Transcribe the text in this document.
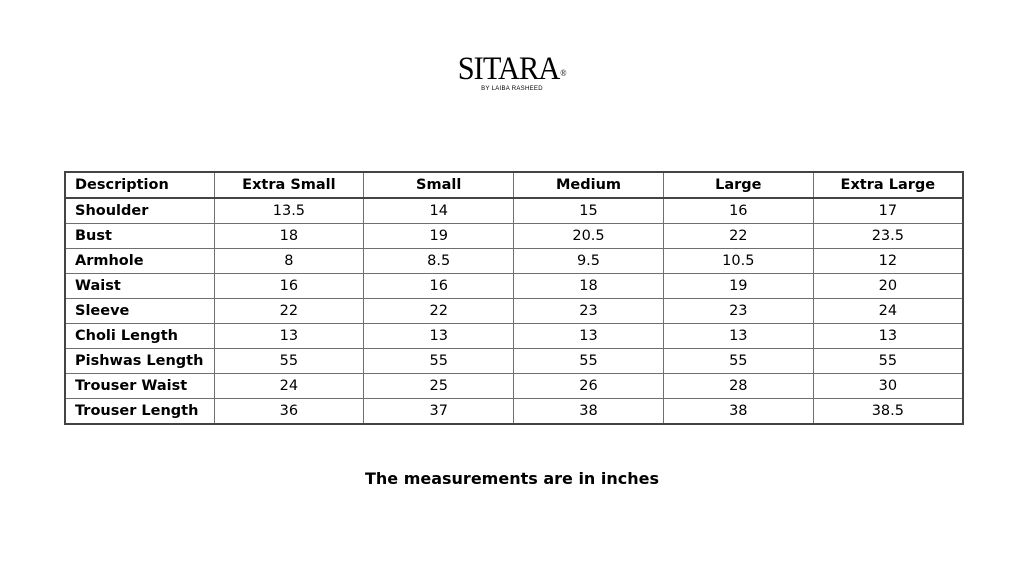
SITARA®
BY LAIBA RASHEED
Description	Extra Small	Small	Medium	Large	Extra Large
Shoulder	13.5	14	15	16	17
Bust	18	19	20.5	22	23.5
Armhole	8	8.5	9.5	10.5	12
Waist	16	16	18	19	20
Sleeve	22	22	23	23	24
Choli Length	13	13	13	13	13
Pishwas Length	55	55	55	55	55
Trouser Waist	24	25	26	28	30
Trouser Length	36	37	38	38	38.5
The measurements are in inches
